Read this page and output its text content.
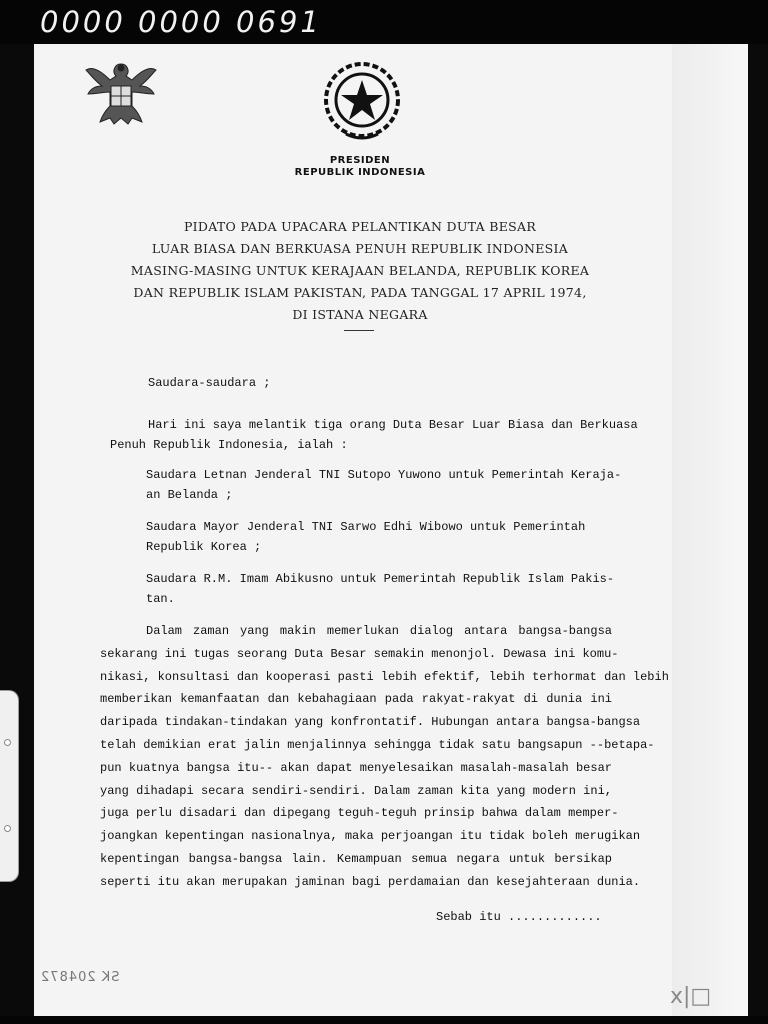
0000 0000 0691
PRESIDEN
REPUBLIK INDONESIA
PIDATO PADA UPACARA PELANTIKAN DUTA BESAR
LUAR BIASA DAN BERKUASA PENUH REPUBLIK INDONESIA
MASING-MASING UNTUK KERAJAAN BELANDA, REPUBLIK KOREA
DAN REPUBLIK ISLAM PAKISTAN, PADA TANGGAL 17 APRIL 1974,
DI ISTANA NEGARA
Saudara-saudara ;
Hari ini saya melantik tiga orang Duta Besar Luar Biasa dan Berkuasa
Penuh Republik Indonesia, ialah :
Saudara Letnan Jenderal TNI Sutopo Yuwono untuk Pemerintah Keraja-
an Belanda ;
Saudara Mayor Jenderal TNI Sarwo Edhi Wibowo untuk Pemerintah
Republik Korea ;
Saudara R.M. Imam Abikusno untuk Pemerintah Republik Islam Pakis-
tan.
Dalam zaman yang makin memerlukan dialog antara bangsa-bangsa
sekarang ini tugas seorang Duta Besar semakin menonjol. Dewasa ini komu-
nikasi, konsultasi dan kooperasi pasti lebih efektif, lebih terhormat dan lebih
memberikan kemanfaatan dan kebahagiaan pada rakyat-rakyat di dunia ini
daripada tindakan-tindakan yang konfrontatif. Hubungan antara bangsa-bangsa
telah demikian erat jalin menjalinnya sehingga tidak satu bangsapun --betapa-
pun kuatnya bangsa itu-- akan dapat menyelesaikan masalah-masalah besar
yang dihadapi secara sendiri-sendiri. Dalam zaman kita yang modern ini,
juga perlu disadari dan dipegang teguh-teguh prinsip bahwa dalam memper-
joangkan kepentingan nasionalnya, maka perjoangan itu tidak boleh merugikan
kepentingan bangsa-bangsa lain. Kemampuan semua negara untuk bersikap
seperti itu akan merupakan jaminan bagi perdamaian dan kesejahteraan dunia.
Sebab itu .............
SK 204872
x|□
